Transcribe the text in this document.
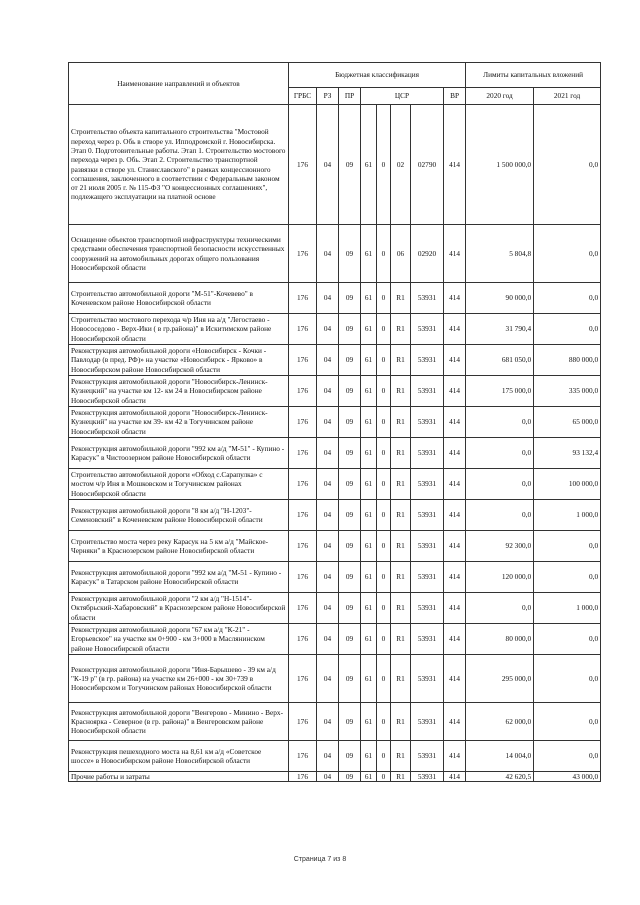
Наименование направлений и объектов	Бюджетная классификация								Лимиты капитальных вложений	
	ГРБС	РЗ	ПР	ЦСР				ВР	2020 год	2021 год
Строительство объекта капитального строительства "Мостовой переход через р. Обь в створе ул. Ипподромской г. Новосибирска. Этап 0. Подготовительные работы. Этап 1. Строительство мостового перехода через р. Обь. Этап 2. Строительство транспортной развязки в створе ул. Станиславского" в рамках концессионного соглашения, заключенного в соответствии с Федеральным законом от 21 июля 2005 г. № 115-ФЗ "О концессионных соглашениях", подлежащего эксплуатации на платной основе	176	04	09	61	0	02	02790	414	1 500 000,0	0,0
Оснащение объектов транспортной инфраструктуры техническими средствами обеспечения транспортной безопасности искусственных сооружений на автомобильных дорогах общего пользования Новосибирской области	176	04	09	61	0	06	02920	414	5 804,8	0,0
Строительство автомобильной дороги "М-51"-Кочевево" в Коченевском районе Новосибирской области	176	04	09	61	0	R1	53931	414	90 000,0	0,0
Строительство мостового перехода ч/р Иня на а/д "Легостаево - Новососедово - Верх-Ики ( в гр.района)" в Искитимском районе Новосибирской области	176	04	09	61	0	R1	53931	414	31 790,4	0,0
Реконструкция автомобильной дороги «Новосибирск - Кочки - Павлодар (в пред. РФ)» на участке «Новосибирск - Ярково» в Новосибирском районе Новосибирской области	176	04	09	61	0	R1	53931	414	681 050,0	880 000,0
Реконструкция автомобильной дороги "Новосибирск-Ленинск-Кузнецкий" на участке км 12- км 24 в Новосибирском районе Новосибирской области	176	04	09	61	0	R1	53931	414	175 000,0	335 000,0
Реконструкция автомобильной дороги "Новосибирск-Ленинск-Кузнецкий" на участке км 39- км 42 в Тогучинском районе Новосибирской области	176	04	09	61	0	R1	53931	414	0,0	65 000,0
Реконструкция автомобильной дороги "992 км а/д "М-51" - Купино - Карасук" в Чистоозерном районе Новосибирской области	176	04	09	61	0	R1	53931	414	0,0	93 132,4
Строительство автомобильной дороги «Обход с.Сарапулка» с мостом ч/р Иня в Мошковском и Тогучинском районах Новосибирской области	176	04	09	61	0	R1	53931	414	0,0	100 000,0
Реконструкция автомобильной дороги "8 км а/д "Н-1203"- Семеновский" в Коченевском районе Новосибирской области	176	04	09	61	0	R1	53931	414	0,0	1 000,0
Строительство моста через реку Карасук на 5 км а/д "Майское-Черняки" в Краснозерском районе Новосибирской области	176	04	09	61	0	R1	53931	414	92 300,0	0,0
Реконструкция автомобильной дороги "992 км а/д "М-51 - Купино - Карасук" в Татарском районе Новосибирской области	176	04	09	61	0	R1	53931	414	120 000,0	0,0
Реконструкция автомобильной дороги "2 км а/д "Н-1514"- Октябрьский-Хабаровский" в Краснозерском районе Новосибирской области	176	04	09	61	0	R1	53931	414	0,0	1 000,0
Реконструкция автомобильной дороги "67 км а/д "К-21" - Егорьевское" на участке км 0+900 - км 3+000 в Маслянинском районе Новосибирской области	176	04	09	61	0	R1	53931	414	80 000,0	0,0
Реконструкция автомобильной дороги "Иня-Барышево - 39 км а/д "К-19 р" (в гр. района) на участке км 26+000 - км 30+739 в Новосибирском и Тогучинском районах Новосибирской области	176	04	09	61	0	R1	53931	414	295 000,0	0,0
Реконструкция автомобильной дороги "Венгерово - Минино - Верх-Красноярка - Северное (в гр. района)" в Венгеровском районе Новосибирской области	176	04	09	61	0	R1	53931	414	62 000,0	0,0
Реконструкция пешеходного моста на 8,61 км а/д «Советское шоссе» в Новосибирском районе Новосибирской области	176	04	09	61	0	R1	53931	414	14 004,0	0,0
Прочие работы и затраты	176	04	09	61	0	R1	53931	414	42 620,5	43 000,0
Страница 7 из 8
